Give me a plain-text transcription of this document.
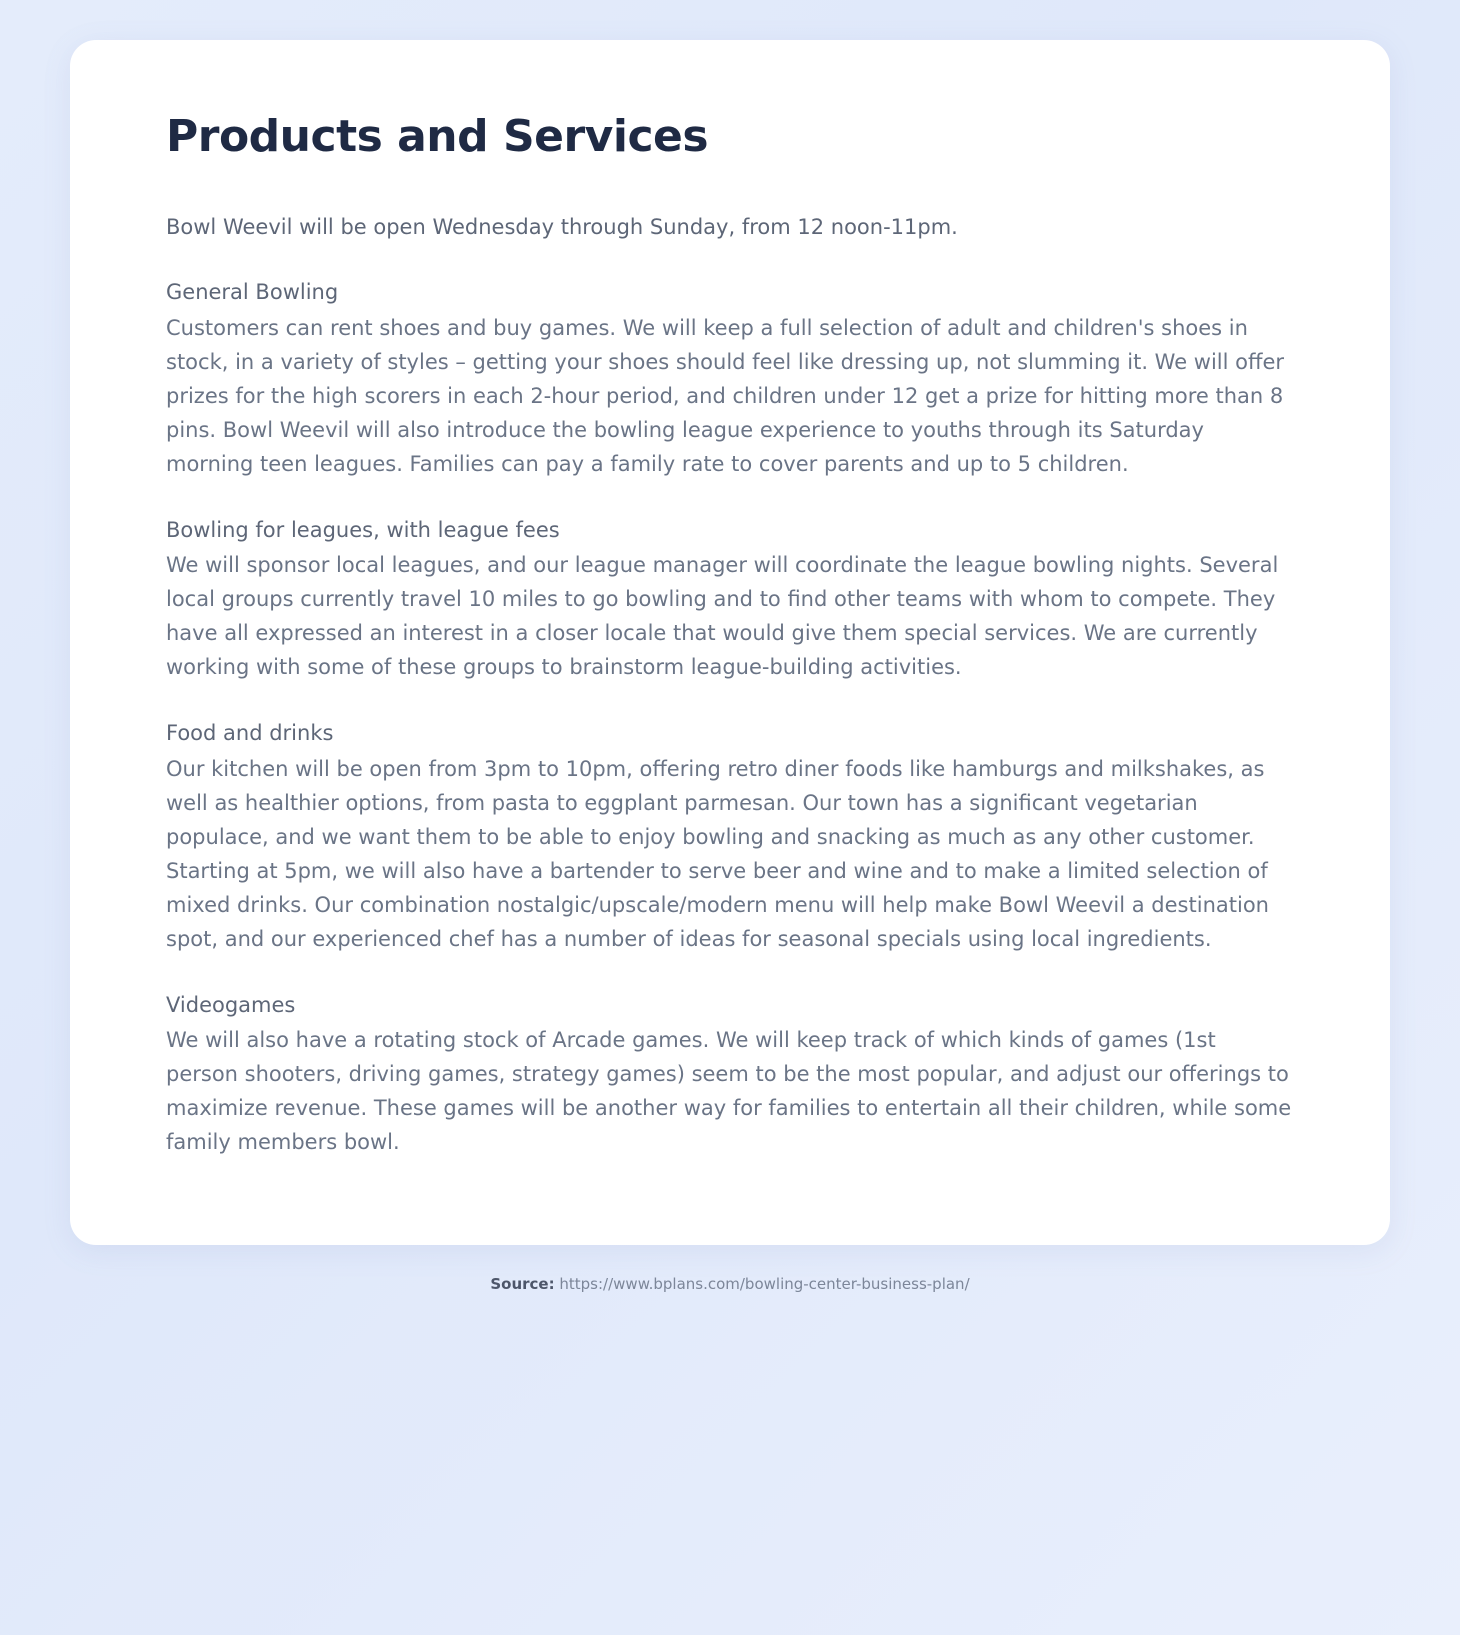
Products and Services

Bowl Weevil will be open Wednesday through Sunday, from 12 noon-11pm.

General Bowling

Customers can rent shoes and buy games. We will keep a full selection of adult and children's shoes in stock, in a variety of styles – getting your shoes should feel like dressing up, not slumming it. We will offer prizes for the high scorers in each 2-hour period, and children under 12 get a prize for hitting more than 8 pins. Bowl Weevil will also introduce the bowling league experience to youths through its Saturday morning teen leagues. Families can pay a family rate to cover parents and up to 5 children.

Bowling for leagues, with league fees

We will sponsor local leagues, and our league manager will coordinate the league bowling nights. Several local groups currently travel 10 miles to go bowling and to find other teams with whom to compete. They have all expressed an interest in a closer locale that would give them special services. We are currently working with some of these groups to brainstorm league-building activities.

Food and drinks

Our kitchen will be open from 3pm to 10pm, offering retro diner foods like hamburgs and milkshakes, as well as healthier options, from pasta to eggplant parmesan. Our town has a significant vegetarian populace, and we want them to be able to enjoy bowling and snacking as much as any other customer. Starting at 5pm, we will also have a bartender to serve beer and wine and to make a limited selection of mixed drinks. Our combination nostalgic/upscale/modern menu will help make Bowl Weevil a destination spot, and our experienced chef has a number of ideas for seasonal specials using local ingredients.

Videogames

We will also have a rotating stock of Arcade games. We will keep track of which kinds of games (1st person shooters, driving games, strategy games) seem to be the most popular, and adjust our offerings to maximize revenue. These games will be another way for families to entertain all their children, while some family members bowl.

Source: https://www.bplans.com/bowling-center-business-plan/
